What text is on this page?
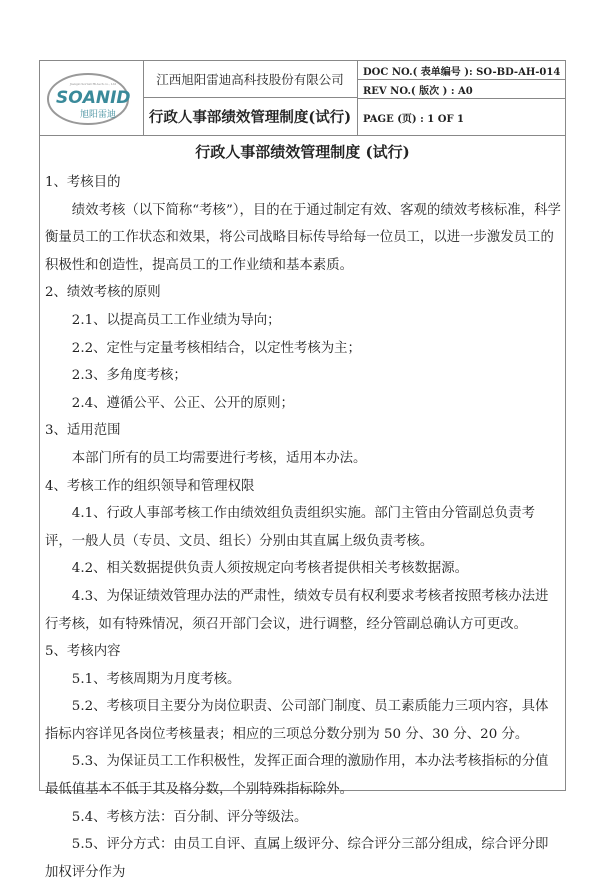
Jiangxi Sornid Hi-tech co., Ltd
SOANID
旭阳雷迪
江西旭阳雷迪高科技股份有限公司
行政人事部绩效管理制度(试行)
DOC NO.( 表单编号 ): SO-BD-AH-014
REV NO.( 版次 ) : A0
PAGE (页) : 1 OF 1
行政人事部绩效管理制度 (试行)

1、考核目的

绩效考核（以下简称“考核”），目的在于通过制定有效、客观的绩效考核标准，科学衡量员工的工作状态和效果，将公司战略目标传导给每一位员工，以进一步激发员工的积极性和创造性，提高员工的工作业绩和基本素质。

2、绩效考核的原则

2.1、以提高员工工作业绩为导向；

2.2、定性与定量考核相结合，以定性考核为主；

2.3、多角度考核；

2.4、遵循公平、公正、公开的原则；

3、适用范围

本部门所有的员工均需要进行考核，适用本办法。

4、考核工作的组织领导和管理权限

4.1、行政人事部考核工作由绩效组负责组织实施。部门主管由分管副总负责考评，一般人员（专员、文员、组长）分别由其直属上级负责考核。

4.2、相关数据提供负责人须按规定向考核者提供相关考核数据源。

4.3、为保证绩效管理办法的严肃性，绩效专员有权利要求考核者按照考核办法进行考核，如有特殊情况，须召开部门会议，进行调整，经分管副总确认方可更改。

5、考核内容

5.1、考核周期为月度考核。

5.2、考核项目主要分为岗位职责、公司部门制度、员工素质能力三项内容，具体指标内容详见各岗位考核量表；相应的三项总分数分别为 50 分、30 分、20 分。

5.3、为保证员工工作积极性，发挥正面合理的激励作用，本办法考核指标的分值最低值基本不低于其及格分数，个别特殊指标除外。

5.4、考核方法：百分制、评分等级法。

5.5、评分方式：由员工自评、直属上级评分、综合评分三部分组成，综合评分即加权评分作为
